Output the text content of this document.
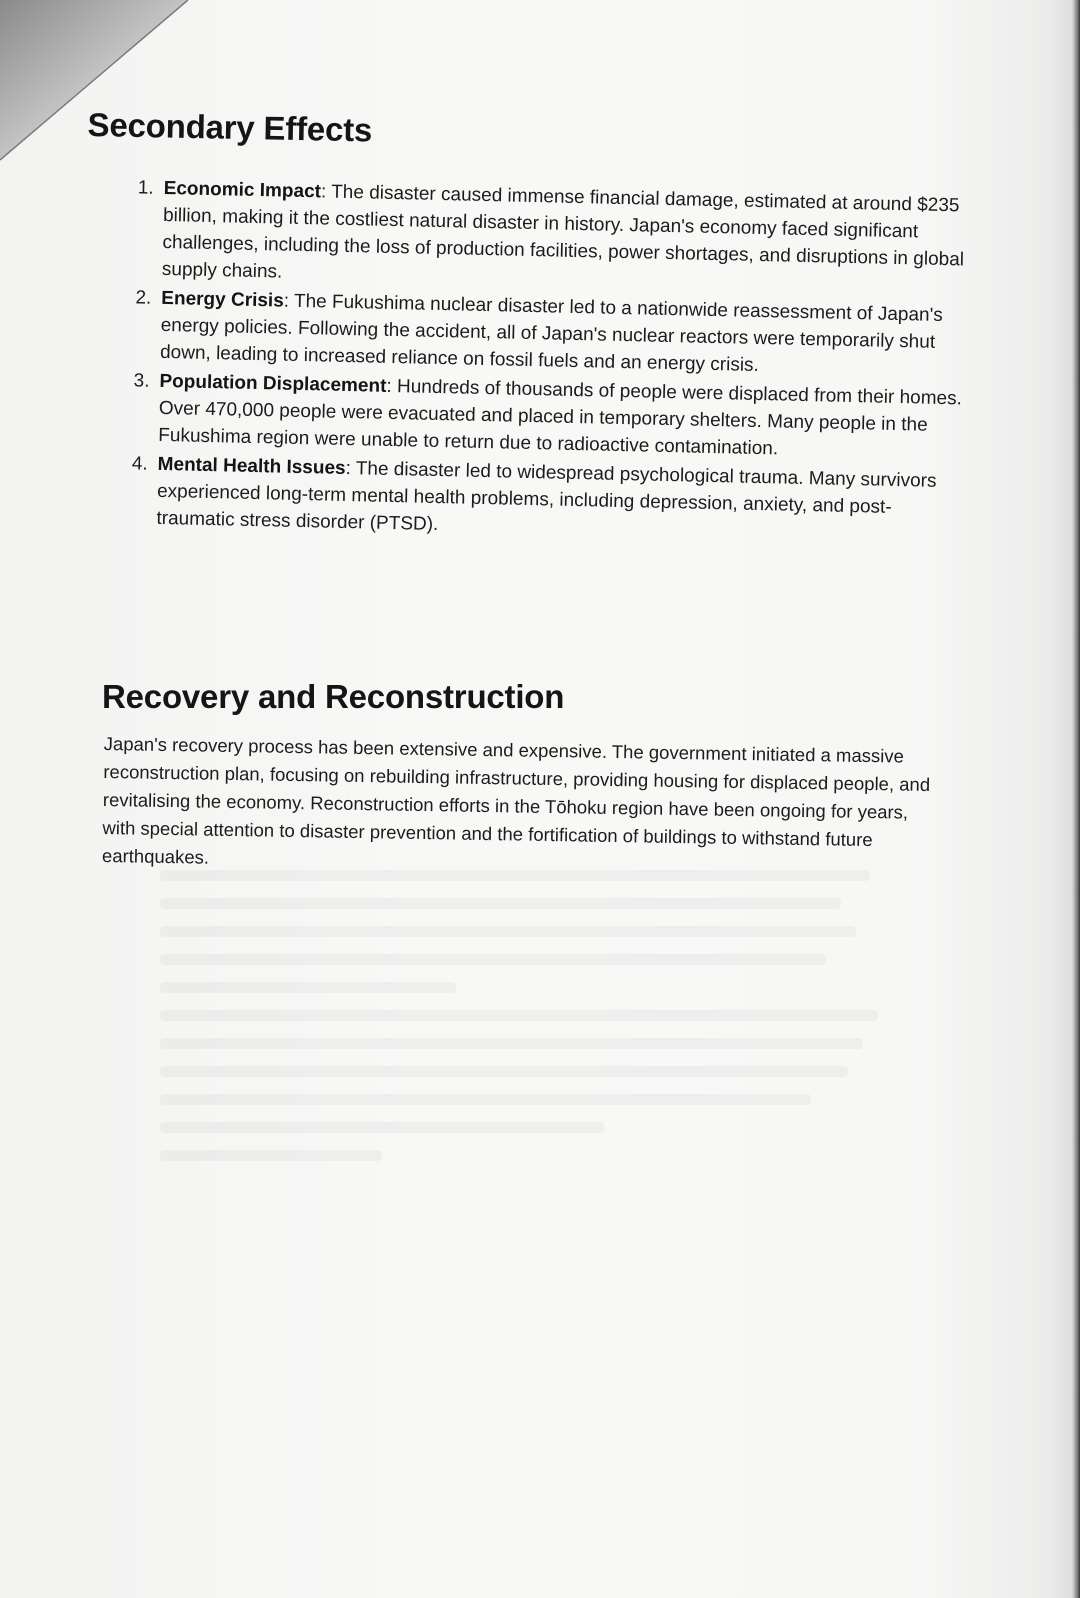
Secondary Effects
1. Economic Impact: The disaster caused immense financial damage, estimated at around $235 billion, making it the costliest natural disaster in history. Japan's economy faced significant challenges, including the loss of production facilities, power shortages, and disruptions in global supply chains.
2. Energy Crisis: The Fukushima nuclear disaster led to a nationwide reassessment of Japan's energy policies. Following the accident, all of Japan's nuclear reactors were temporarily shut down, leading to increased reliance on fossil fuels and an energy crisis.
3. Population Displacement: Hundreds of thousands of people were displaced from their homes. Over 470,000 people were evacuated and placed in temporary shelters. Many people in the Fukushima region were unable to return due to radioactive contamination.
4. Mental Health Issues: The disaster led to widespread psychological trauma. Many survivors experienced long-term mental health problems, including depression, anxiety, and post-traumatic stress disorder (PTSD).
Recovery and Reconstruction

Japan's recovery process has been extensive and expensive. The government initiated a massive reconstruction plan, focusing on rebuilding infrastructure, providing housing for displaced people, and revitalising the economy. Reconstruction efforts in the Tōhoku region have been ongoing for years, with special attention to disaster prevention and the fortification of buildings to withstand future earthquakes.
